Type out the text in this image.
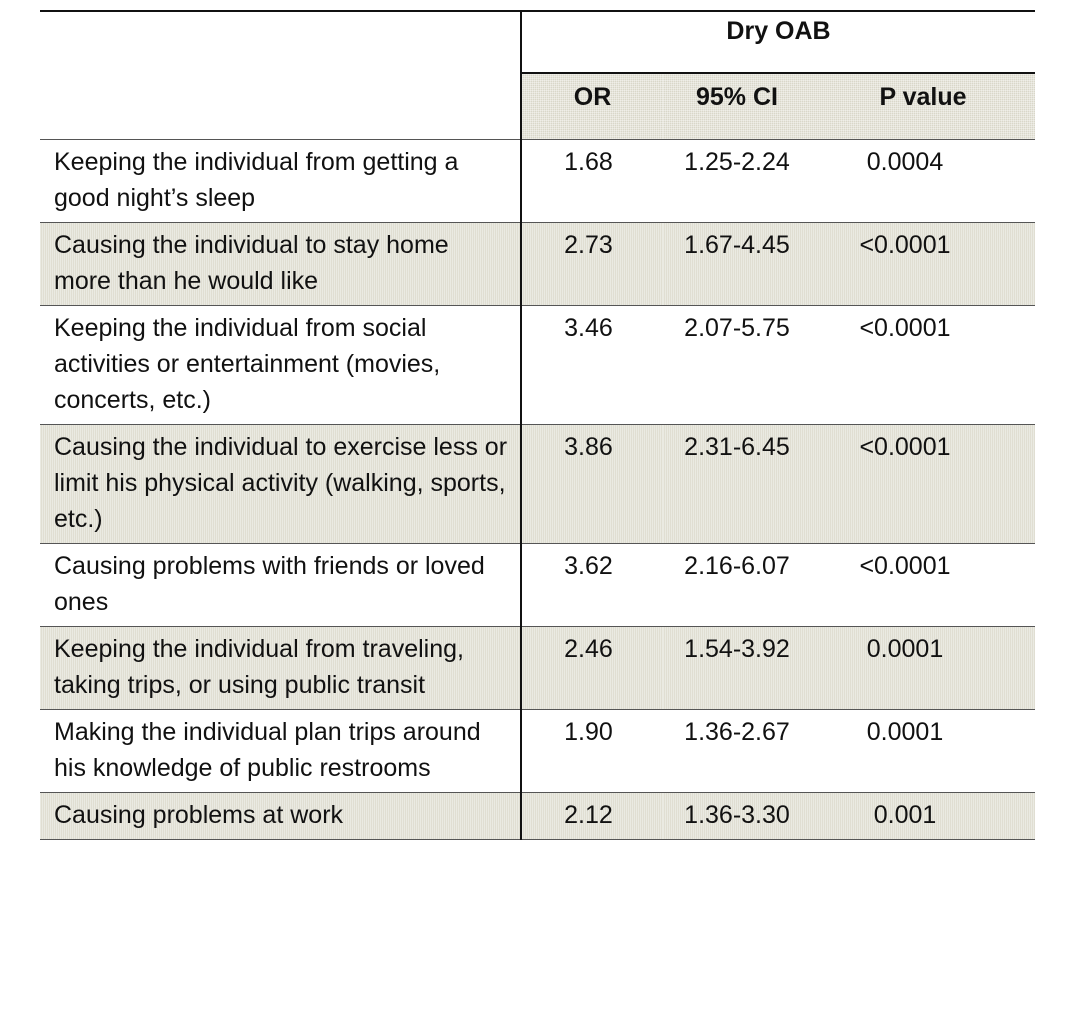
	Dry OAB		
	OR	95% CI	P value
Keeping the individual from getting a good night’s sleep	1.68	1.25-2.24	0.0004
Causing the individual to stay home more than he would like	2.73	1.67-4.45	<0.0001
Keeping the individual from social activities or entertainment (movies, concerts, etc.)	3.46	2.07-5.75	<0.0001
Causing the individual to exercise less or limit his physical activity (walking, sports, etc.)	3.86	2.31-6.45	<0.0001
Causing problems with friends or loved ones	3.62	2.16-6.07	<0.0001
Keeping the individual from traveling, taking trips, or using public transit	2.46	1.54-3.92	0.0001
Making the individual plan trips around his knowledge of public restrooms	1.90	1.36-2.67	0.0001
Causing problems at work	2.12	1.36-3.30	0.001
